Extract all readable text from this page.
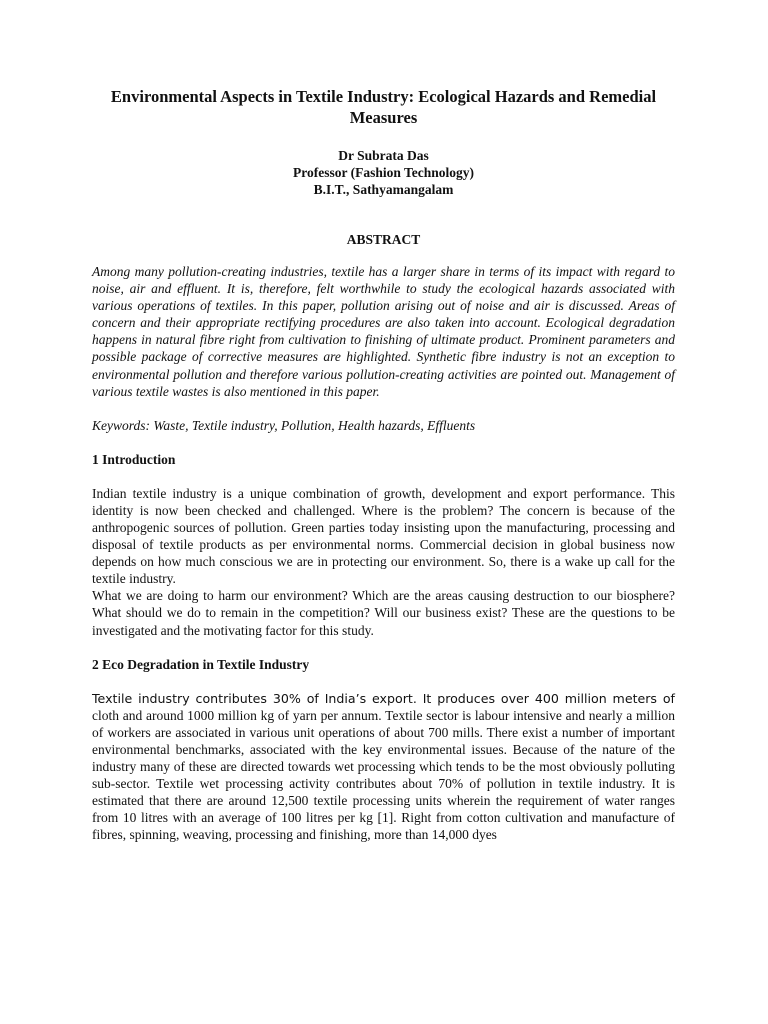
Environmental Aspects in Textile Industry: Ecological Hazards and Remedial Measures
Dr Subrata Das
Professor (Fashion Technology)
B.I.T., Sathyamangalam
ABSTRACT

Among many pollution-creating industries, textile has a larger share in terms of its impact with regard to noise, air and effluent. It is, therefore, felt worthwhile to study the ecological hazards associated with various operations of textiles. In this paper, pollution arising out of noise and air is discussed. Areas of concern and their appropriate rectifying procedures are also taken into account. Ecological degradation happens in natural fibre right from cultivation to finishing of ultimate product. Prominent parameters and possible package of corrective measures are highlighted. Synthetic fibre industry is not an exception to environmental pollution and therefore various pollution-creating activities are pointed out. Management of various textile wastes is also mentioned in this paper.

Keywords: Waste, Textile industry, Pollution, Health hazards, Effluents

1 Introduction

Indian textile industry is a unique combination of growth, development and export performance. This identity is now been checked and challenged. Where is the problem? The concern is because of the anthropogenic sources of pollution. Green parties today insisting upon the manufacturing, processing and disposal of textile products as per environmental norms. Commercial decision in global business now depends on how much conscious we are in protecting our environment. So, there is a wake up call for the textile industry.

What we are doing to harm our environment? Which are the areas causing destruction to our biosphere? What should we do to remain in the competition? Will our business exist? These are the questions to be investigated and the motivating factor for this study.

2 Eco Degradation in Textile Industry

Textile industry contributes 30% of India’s export. It produces over 400 million meters of cloth and around 1000 million kg of yarn per annum. Textile sector is labour intensive and nearly a million of workers are associated in various unit operations of about 700 mills. There exist a number of important environmental benchmarks, associated with the key environmental issues. Because of the nature of the industry many of these are directed towards wet processing which tends to be the most obviously polluting sub-sector. Textile wet processing activity contributes about 70% of pollution in textile industry. It is estimated that there are around 12,500 textile processing units wherein the requirement of water ranges from 10 litres with an average of 100 litres per kg [1]. Right from cotton cultivation and manufacture of fibres, spinning, weaving, processing and finishing, more than 14,000 dyes
